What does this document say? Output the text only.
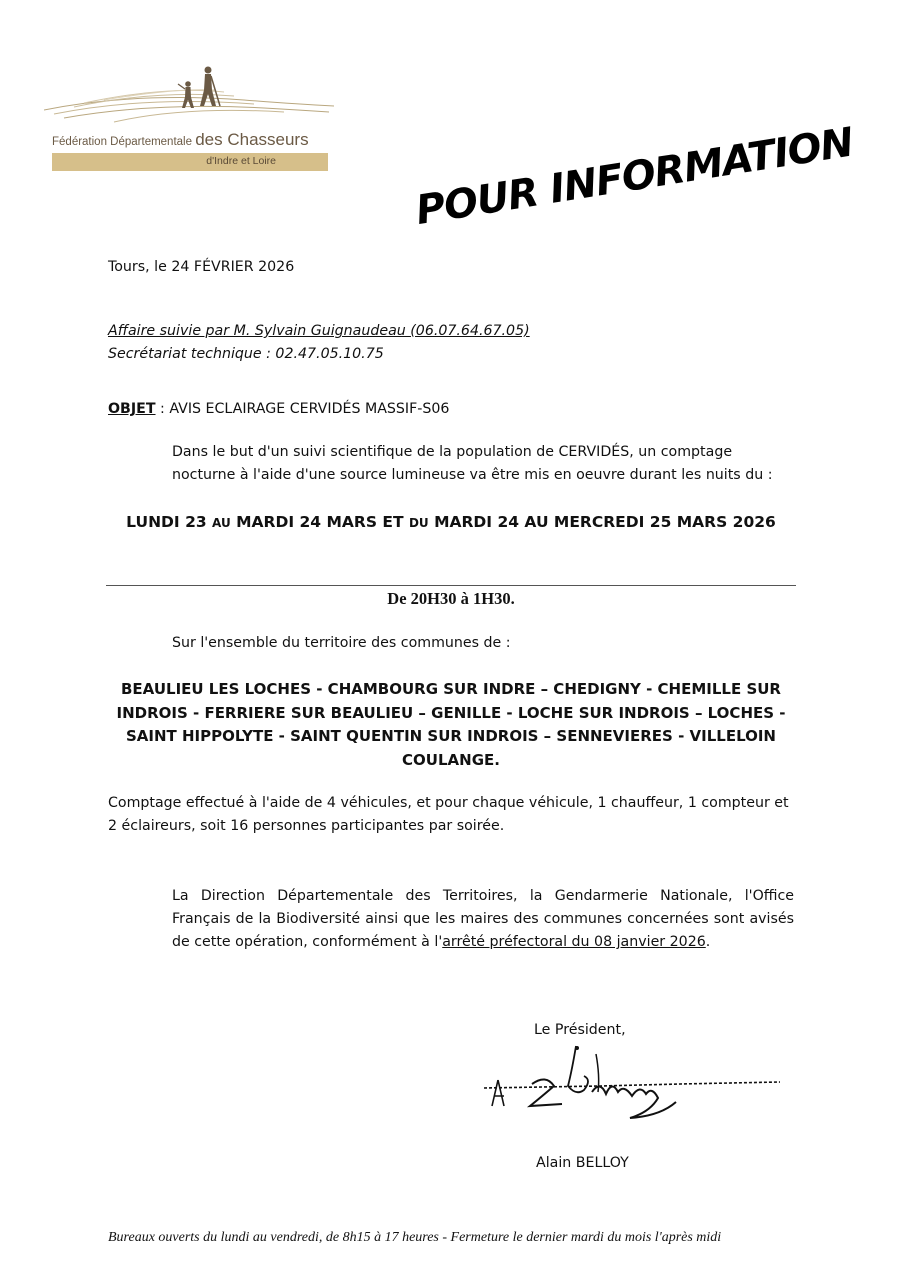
Fédération Départementale des Chasseurs
d'Indre et Loire	POUR INFORMATION
Tours, le 24 FÉVRIER 2026
Affaire suivie par M. Sylvain Guignaudeau (06.07.64.67.05)
Secrétariat technique : 02.47.05.10.75
OBJET : AVIS ECLAIRAGE CERVIDÉS MASSIF-S06
Dans le but d'un suivi scientifique de la population de CERVIDÉS, un comptage nocturne à l'aide d'une source lumineuse va être mis en oeuvre durant les nuits du :
LUNDI 23 AU MARDI 24 MARS ET DU MARDI 24 AU MERCREDI 25 MARS 2026
De 20H30 à 1H30.
Sur l'ensemble du territoire des communes de :
BEAULIEU LES LOCHES - CHAMBOURG SUR INDRE – CHEDIGNY - CHEMILLE SUR INDROIS - FERRIERE SUR BEAULIEU – GENILLE - LOCHE SUR INDROIS – LOCHES - SAINT HIPPOLYTE - SAINT QUENTIN SUR INDROIS – SENNEVIERES - VILLELOIN COULANGE.
Comptage effectué à l'aide de 4 véhicules, et pour chaque véhicule, 1 chauffeur, 1 compteur et 2 éclaireurs, soit 16 personnes participantes par soirée.
La Direction Départementale des Territoires, la Gendarmerie Nationale, l'Office Français de la Biodiversité ainsi que les maires des communes concernées sont avisés de cette opération, conformément à l'arrêté préfectoral du 08 janvier 2026.
Le Président,
Alain BELLOY
Bureaux ouverts du lundi au vendredi, de 8h15 à 17 heures - Fermeture le dernier mardi du mois l'après midi
